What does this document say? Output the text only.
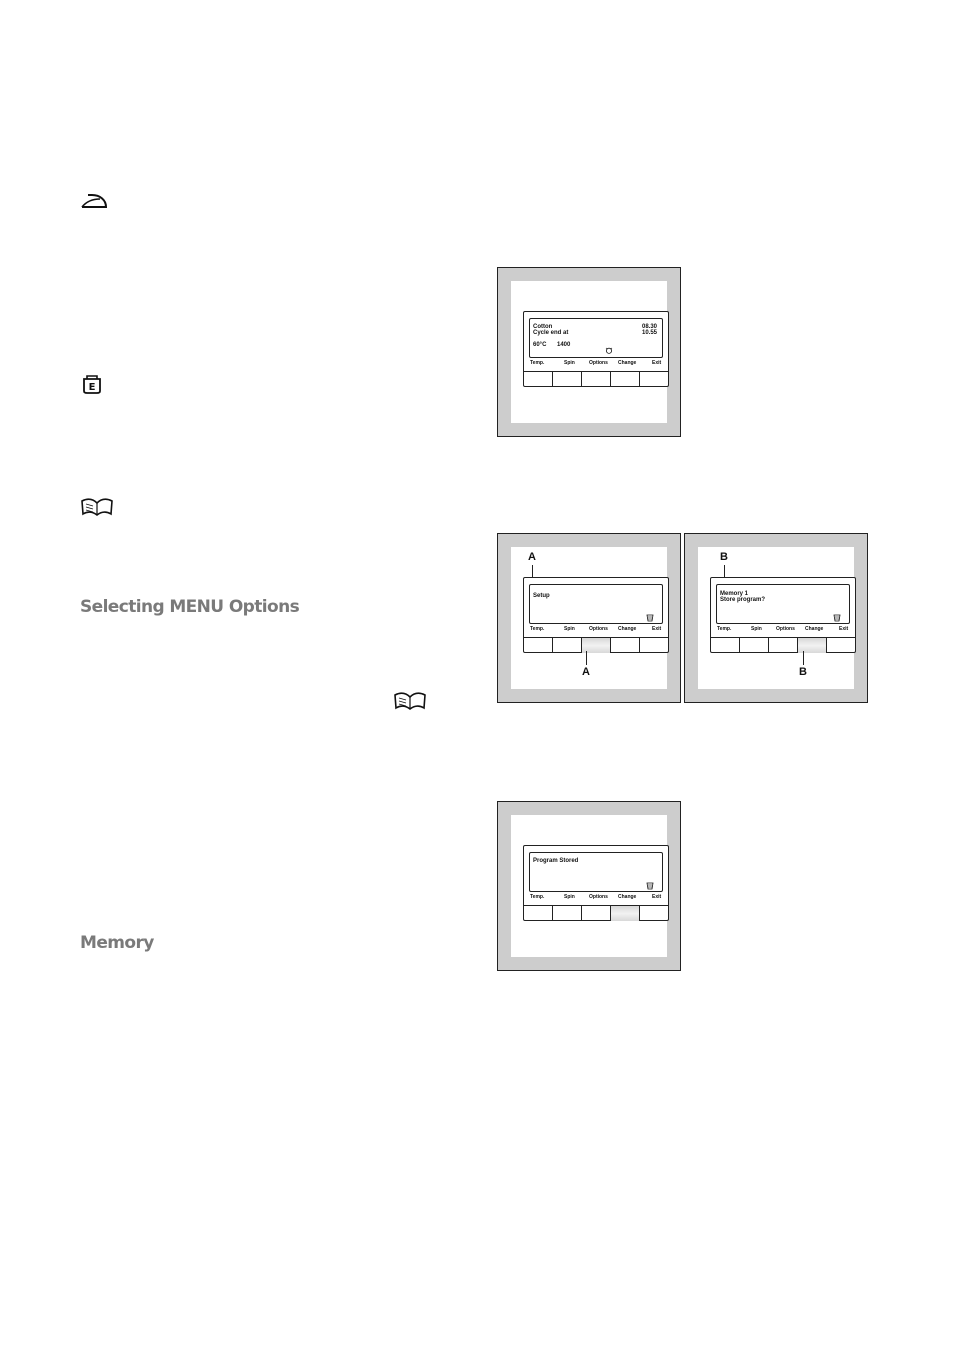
E
Selecting MENU Options
Memory
Cotton
Cycle end at
08.30
10.55
60°C 1400
Temp.	Spin	Options Change	Exit
A
Setup
Temp.	Spin	Options Change	Exit
A
B
Memory 1
Store program?
Temp.	Spin	Options Change	Exit
B
Program Stored
Temp.	Spin	Options Change	Exit
